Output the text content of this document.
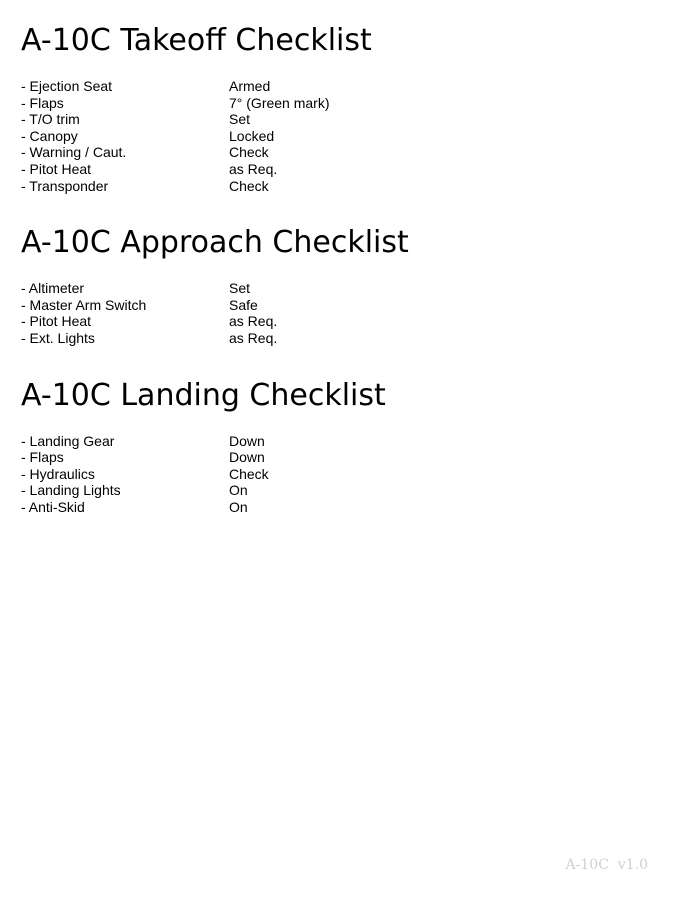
A-10C Takeoff Checklist
- Ejection Seat	Armed
- Flaps	7° (Green mark)
- T/O trim	Set
- Canopy	Locked
- Warning / Caut.	Check
- Pitot Heat	as Req.
- Transponder	Check
A-10C Approach Checklist
- Altimeter	Set
- Master Arm Switch	Safe
- Pitot Heat	as Req.
- Ext. Lights	as Req.
A-10C Landing Checklist
- Landing Gear	Down
- Flaps	Down
- Hydraulics	Check
- Landing Lights	On
- Anti-Skid	On
A-10C  v1.0
